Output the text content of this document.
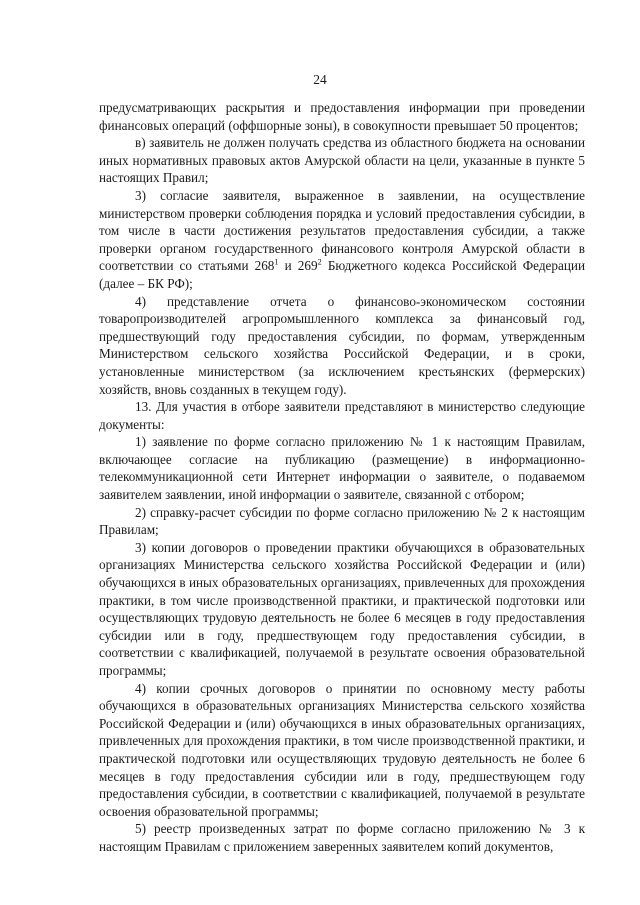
24

предусматривающих раскрытия и предоставления информации при проведении финансовых операций (оффшорные зоны), в совокупности превышает 50 процентов;

в) заявитель не должен получать средства из областного бюджета на основании иных нормативных правовых актов Амурской области на цели, указанные в пункте 5 настоящих Правил;

3) согласие заявителя, выраженное в заявлении, на осуществление министерством проверки соблюдения порядка и условий предоставления субсидии, в том числе в части достижения результатов предоставления субсидии, а также проверки органом государственного финансового контроля Амурской области в соответствии со статьями $268^1$ и $269^2$ Бюджетного кодекса Российской Федерации (далее – БК РФ);

4) представление отчета о финансово-экономическом состоянии товаропроизводителей агропромышленного комплекса за финансовый год, предшествующий году предоставления субсидии, по формам, утвержденным Министерством сельского хозяйства Российской Федерации, и в сроки, установленные министерством (за исключением крестьянских (фермерских) хозяйств, вновь созданных в текущем году).

13. Для участия в отборе заявители представляют в министерство следующие документы:

1) заявление по форме согласно приложению № 1 к настоящим Правилам, включающее согласие на публикацию (размещение) в информационно-телекоммуникационной сети Интернет информации о заявителе, о подаваемом заявителем заявлении, иной информации о заявителе, связанной с отбором;

2) справку-расчет субсидии по форме согласно приложению № 2 к настоящим Правилам;

3) копии договоров о проведении практики обучающихся в образовательных организациях Министерства сельского хозяйства Российской Федерации и (или) обучающихся в иных образовательных организациях, привлеченных для прохождения практики, в том числе производственной практики, и практической подготовки или осуществляющих трудовую деятельность не более 6 месяцев в году предоставления субсидии или в году, предшествующем году предоставления субсидии, в соответствии с квалификацией, получаемой в результате освоения образовательной программы;

4) копии срочных договоров о принятии по основному месту работы обучающихся в образовательных организациях Министерства сельского хозяйства Российской Федерации и (или) обучающихся в иных образовательных организациях, привлеченных для прохождения практики, в том числе производственной практики, и практической подготовки или осуществляющих трудовую деятельность не более 6 месяцев в году предоставления субсидии или в году, предшествующем году предоставления субсидии, в соответствии с квалификацией, получаемой в результате освоения образовательной программы;

5) реестр произведенных затрат по форме согласно приложению № 3 к настоящим Правилам с приложением заверенных заявителем копий документов,
